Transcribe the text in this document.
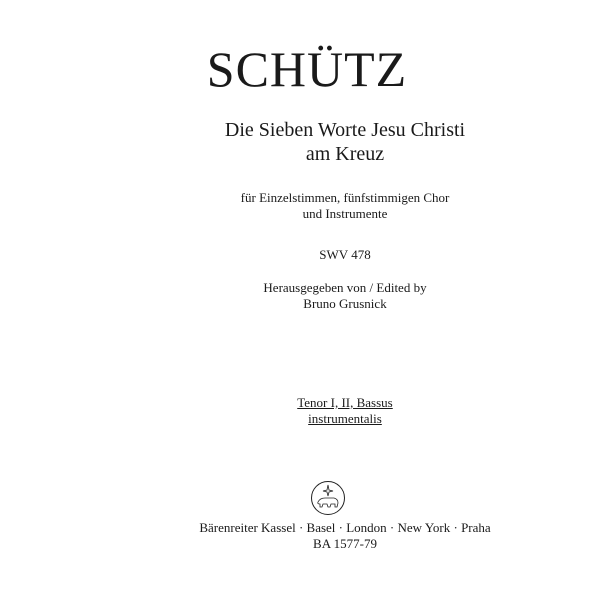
SCHÜTZ
Die Sieben Worte Jesu Christi
am Kreuz
für Einzelstimmen, fünfstimmigen Chor
und Instrumente
SWV 478
Herausgegeben von / Edited by
Bruno Grusnick
Tenor I, II, Bassus
instrumentalis
Bärenreiter Kassel · Basel · London · New York · Praha
BA 1577-79
